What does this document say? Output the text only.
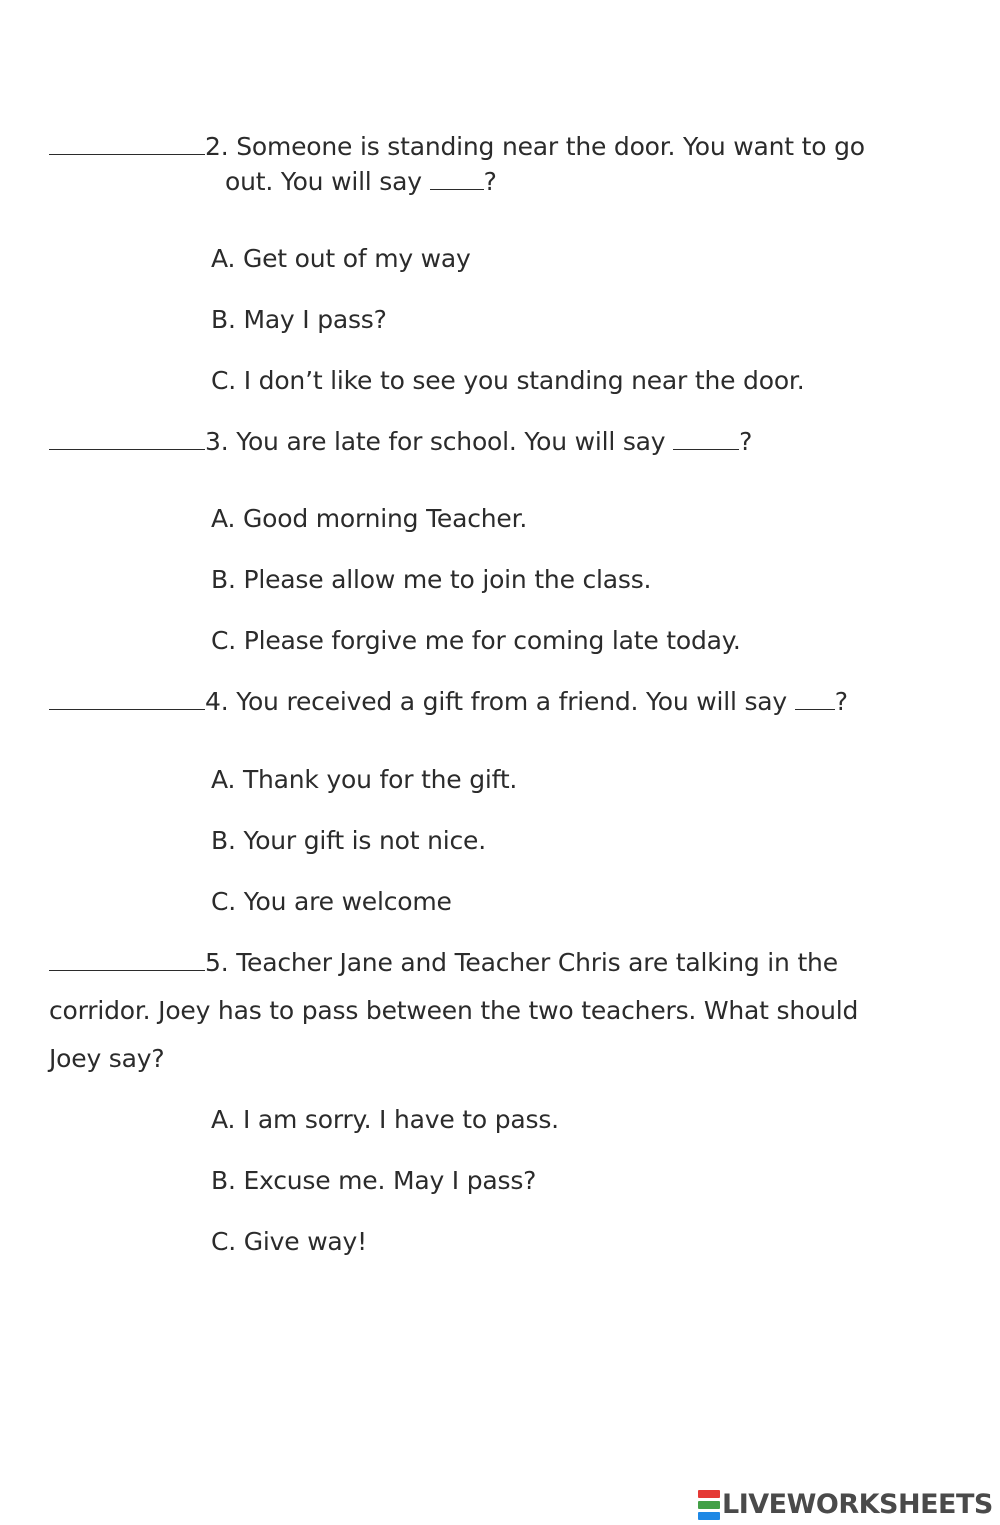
2. Someone is standing near the door. You want to go
out. You will say ?
A. Get out of my way
B. May I pass?
C. I don’t like to see you standing near the door.
3. You are late for school. You will say	?
A. Good morning Teacher.
B. Please allow me to join the class.
C. Please forgive me for coming late today.
4. You received a gift from a friend. You will say ?
A. Thank you for the gift.
B. Your gift is not nice.
C. You are welcome
5. Teacher Jane and Teacher Chris are talking in the
corridor. Joey has to pass between the two teachers. What should
Joey say?
A. I am sorry. I have to pass.
B. Excuse me. May I pass?
C. Give way!
LIVEWORKSHEETS
